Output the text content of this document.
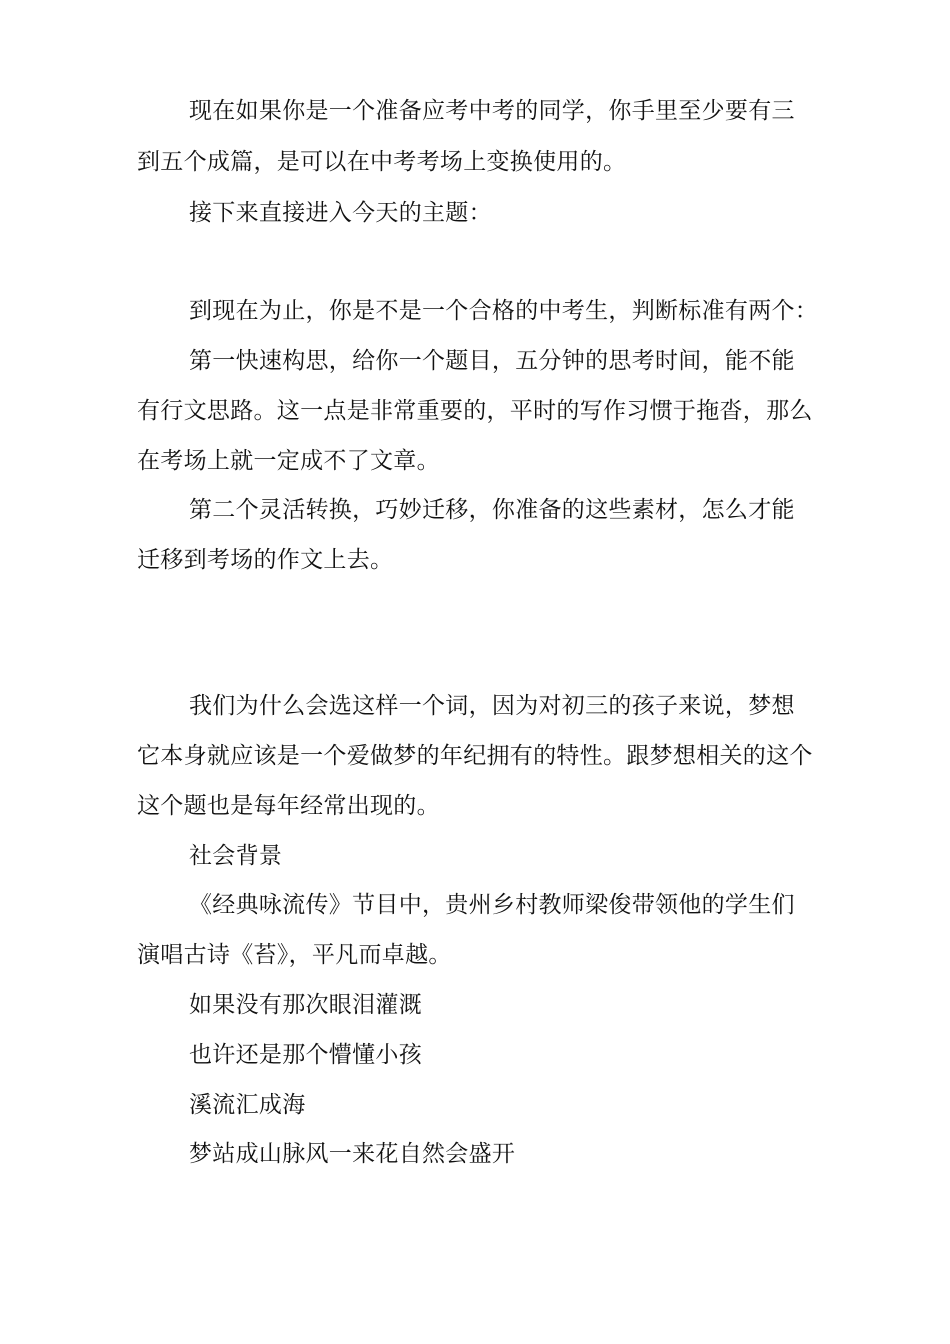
现在如果你是一个准备应考中考的同学，你手里至少要有三
到五个成篇，是可以在中考考场上变换使用的。
接下来直接进入今天的主题：
到现在为止，你是不是一个合格的中考生，判断标准有两个：
第一快速构思，给你一个题目，五分钟的思考时间，能不能
有行文思路。这一点是非常重要的，平时的写作习惯于拖沓，那么
在考场上就一定成不了文章。
第二个灵活转换，巧妙迁移，你准备的这些素材，怎么才能
迁移到考场的作文上去。
我们为什么会选这样一个词，因为对初三的孩子来说，梦想
它本身就应该是一个爱做梦的年纪拥有的特性。跟梦想相关的这个
这个题也是每年经常出现的。
社会背景
《经典咏流传》节目中，贵州乡村教师梁俊带领他的学生们
演唱古诗《苔》，平凡而卓越。
如果没有那次眼泪灌溉
也许还是那个懵懂小孩
溪流汇成海
梦站成山脉风一来花自然会盛开
